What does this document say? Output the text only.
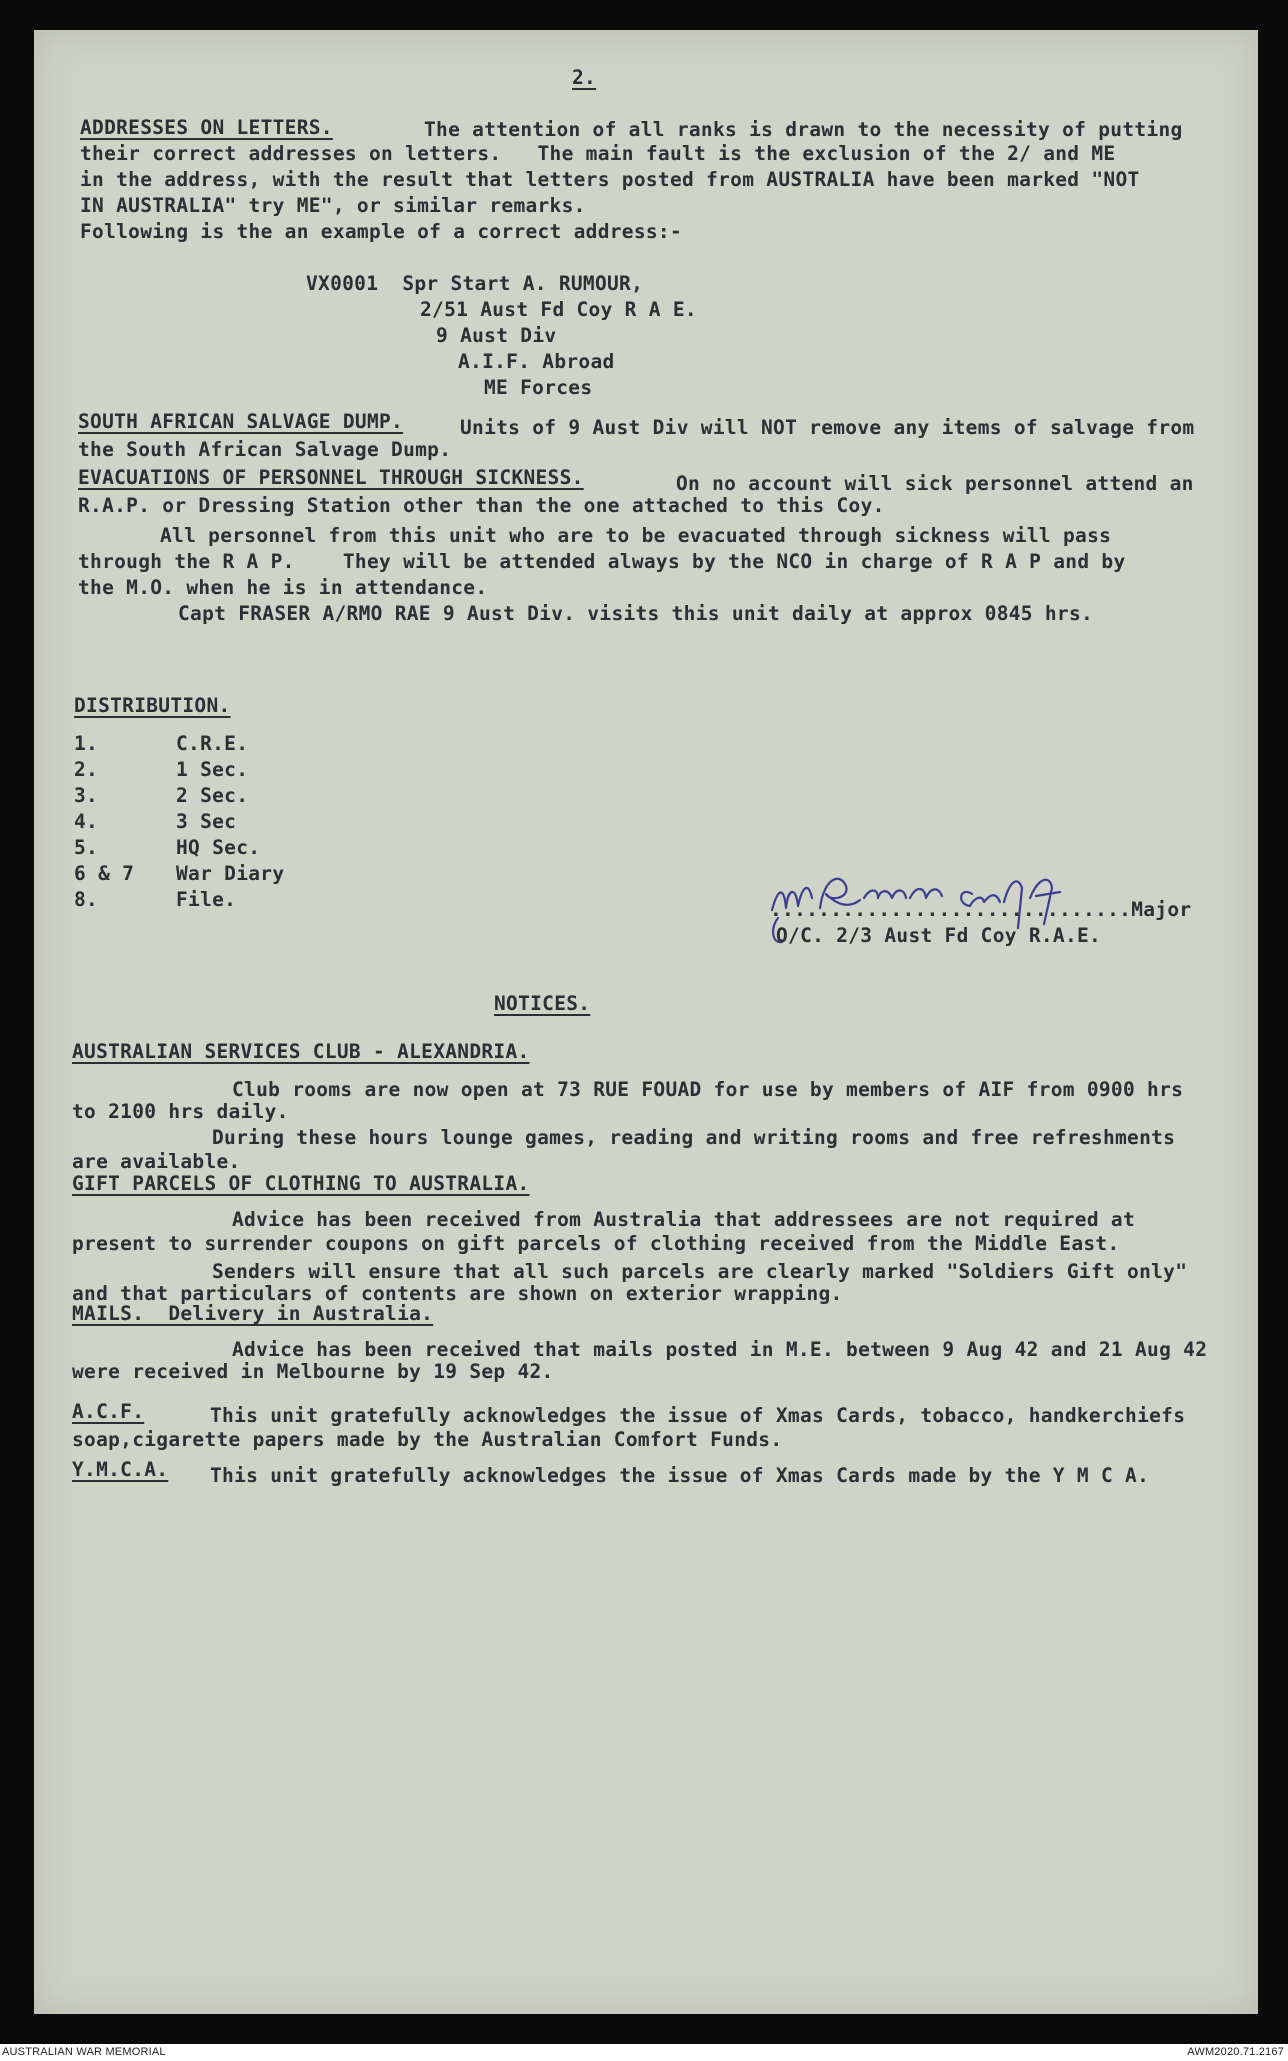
2.
ADDRESSES ON LETTERS.	The attention of all ranks is drawn to the necessity of putting
their correct addresses on letters.   The main fault is the exclusion of the 2/ and ME
in the address, with the result that letters posted from AUSTRALIA have been marked "NOT
IN AUSTRALIA" try ME", or similar remarks.
Following is the an example of a correct address:-
VX0001  Spr Start A. RUMOUR,
2/51 Aust Fd Coy R A E.
9 Aust Div
A.I.F. Abroad
ME Forces
SOUTH AFRICAN SALVAGE DUMP.	Units of 9 Aust Div will NOT remove any items of salvage from
the South African Salvage Dump.
EVACUATIONS OF PERSONNEL THROUGH SICKNESS.	On no account will sick personnel attend an
R.A.P. or Dressing Station other than the one attached to this Coy.
All personnel from this unit who are to be evacuated through sickness will pass
through the R A P.    They will be attended always by the NCO in charge of R A P and by
the M.O. when he is in attendance.
Capt FRASER A/RMO RAE 9 Aust Div. visits this unit daily at approx 0845 hrs.
DISTRIBUTION.
1.	C.R.E.
2.	1 Sec.
3.	2 Sec.
4.	3 Sec
5.	HQ Sec.
6 & 7 War Diary
8.	File.	..............................Major
O/C. 2/3 Aust Fd Coy R.A.E.
NOTICES.
AUSTRALIAN SERVICES CLUB - ALEXANDRIA.
Club rooms are now open at 73 RUE FOUAD for use by members of AIF from 0900 hrs
to 2100 hrs daily.
During these hours lounge games, reading and writing rooms and free refreshments
are available.
GIFT PARCELS OF CLOTHING TO AUSTRALIA.
Advice has been received from Australia that addressees are not required at
present to surrender coupons on gift parcels of clothing received from the Middle East.
Senders will ensure that all such parcels are clearly marked "Soldiers Gift only"
and that particulars of contents are shown on exterior wrapping.
MAILS.  Delivery in Australia.
Advice has been received that mails posted in M.E. between 9 Aug 42 and 21 Aug 42
were received in Melbourne by 19 Sep 42.
A.C.F.	This unit gratefully acknowledges the issue of Xmas Cards, tobacco, handkerchiefs
soap,cigarette papers made by the Australian Comfort Funds.
Y.M.C.A. This unit gratefully acknowledges the issue of Xmas Cards made by the Y M C A.
AUSTRALIAN WAR MEMORIAL	AWM2020.71.2167
